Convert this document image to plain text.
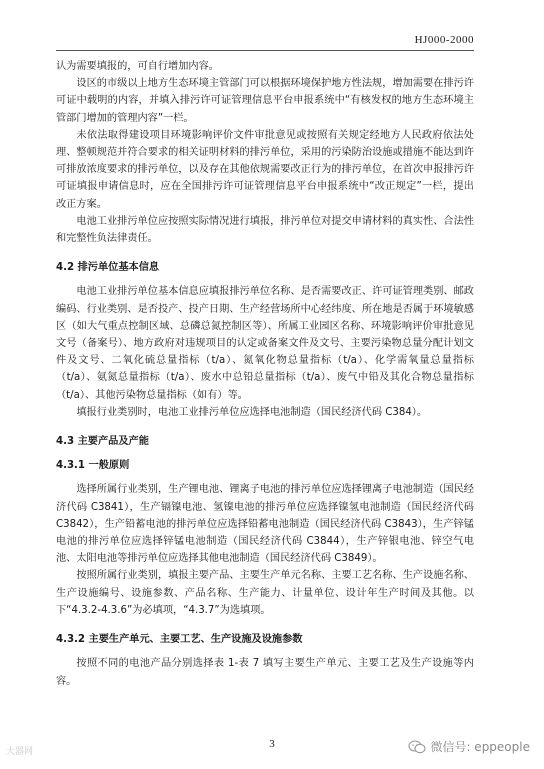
HJ000-2000

认为需要填报的，可自行增加内容。

设区的市级以上地方生态环境主管部门可以根据环境保护地方性法规，增加需要在排污许可证中载明的内容，并填入排污许可证管理信息平台申报系统中“有核发权的地方生态环境主管部门增加的管理内容”一栏。

未依法取得建设项目环境影响评价文件审批意见或按照有关规定经地方人民政府依法处理、整顿规范并符合要求的相关证明材料的排污单位，采用的污染防治设施或措施不能达到许可排放浓度要求的排污单位，以及存在其他依规需要改正行为的排污单位，在首次申报排污许可证填报申请信息时，应在全国排污许可证管理信息平台申报系统中“改正规定”一栏，提出改正方案。

电池工业排污单位应按照实际情况进行填报，排污单位对提交申请材料的真实性、合法性和完整性负法律责任。

4.2 排污单位基本信息

电池工业排污单位基本信息应填报排污单位名称、是否需要改正、许可证管理类别、邮政编码、行业类别、是否投产、投产日期、生产经营场所中心经纬度、所在地是否属于环境敏感区（如大气重点控制区域、总磷总氮控制区等）、所属工业园区名称、环境影响评价审批意见文号（备案号）、地方政府对违规项目的认定或备案文件及文号、主要污染物总量分配计划文件及文号、二氧化硫总量指标（t/a）、氮氧化物总量指标（t/a）、化学需氧量总量指标（t/a）、氨氮总量指标（t/a）、废水中总铅总量指标（t/a）、废气中铅及其化合物总量指标（t/a）、其他污染物总量指标（如有）等。

填报行业类别时，电池工业排污单位应选择电池制造（国民经济代码 C384）。

4.3 主要产品及产能

4.3.1 一般原则

选择所属行业类别，生产锂电池、锂离子电池的排污单位应选择锂离子电池制造（国民经济代码 C3841），生产镉镍电池、氢镍电池的排污单位应选择镍氢电池制造（国民经济代码 C3842），生产铅蓄电池的排污单位应选择铅蓄电池制造（国民经济代码 C3843），生产锌锰电池的排污单位应选择锌锰电池制造（国民经济代码 C3844），生产锌银电池、锌空气电池、太阳电池等排污单位应选择其他电池制造（国民经济代码 C3849）。

按照所属行业类别，填报主要产品、主要生产单元名称、主要工艺名称、生产设施名称、生产设施编号、设施参数、产品名称、生产能力、计量单位、设计年生产时间及其他。以下“4.3.2-4.3.6”为必填项，“4.3.7”为选填项。

4.3.2 主要生产单元、主要工艺、生产设施及设施参数

按照不同的电池产品分别选择表 1-表 7 填写主要生产单元、主要工艺及生产设施等内容。

3
大器网	微信号: eppeople
